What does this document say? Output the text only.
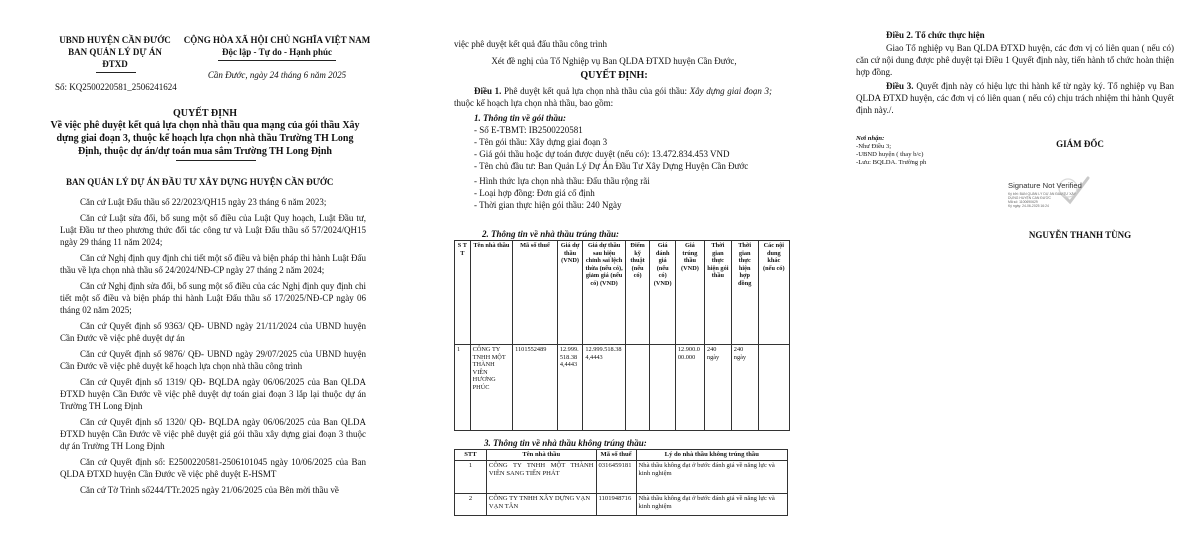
UBND HUYỆN CẦN ĐƯỚC
BAN QUẢN LÝ DỰ ÁN
ĐTXD
CỘNG HÒA XÃ HỘI CHỦ NGHĨA VIỆT NAM
Độc lập - Tự do - Hạnh phúc
Cần Đước, ngày 24 tháng 6 năm 2025
Số: KQ2500220581_2506241624
QUYẾT ĐỊNH
Về việc phê duyệt kết quả lựa chọn nhà thầu qua mạng của gói thầu Xây
dựng giai đoạn 3, thuộc kế hoạch lựa chọn nhà thầu Trường TH Long
Định, thuộc dự án/dự toán mua sắm Trường TH Long Định
BAN QUẢN LÝ DỰ ÁN ĐẦU TƯ XÂY DỰNG HUYỆN CẦN ĐƯỚC

Căn cứ Luật Đấu thầu số 22/2023/QH15 ngày 23 tháng 6 năm 2023;

Căn cứ Luật sửa đổi, bổ sung một số điều của Luật Quy hoạch, Luật Đầu tư, Luật Đầu tư theo phương thức đối tác công tư và Luật Đấu thầu số 57/2024/QH15 ngày 29 tháng 11 năm 2024;

Căn cứ Nghị định quy định chi tiết một số điều và biện pháp thi hành Luật Đấu thầu về lựa chọn nhà thầu số 24/2024/NĐ-CP ngày 27 tháng 2 năm 2024;

Căn cứ Nghị định sửa đổi, bổ sung một số điều của các Nghị định quy định chi tiết một số điều và biện pháp thi hành Luật Đấu thầu số 17/2025/NĐ-CP ngày 06 tháng 02 năm 2025;

Căn cứ Quyết định số 9363/ QĐ- UBND ngày 21/11/2024 của UBND huyện Cần Đước về việc phê duyệt dự án

Căn cứ Quyết định số 9876/ QĐ- UBND ngày 29/07/2025 của UBND huyện Cần Đước về việc phê duyệt kế hoạch lựa chọn nhà thầu công trình

Căn cứ Quyết định số 1319/ QĐ- BQLDA ngày 06/06/2025 của Ban QLDA ĐTXD huyện Cần Đước về việc phê duyệt dự toán giai đoạn 3 lắp lại thuộc dự án Trường TH Long Định

Căn cứ Quyết định số 1320/ QĐ- BQLDA ngày 06/06/2025 của Ban QLDA ĐTXD huyện Cần Đước về việc phê duyệt giá gói thầu xây dựng giai đoạn 3 thuộc dự án Trường TH Long Định

Căn cứ Quyết định số: E2500220581-2506101045 ngày 10/06/2025 của Ban QLDA ĐTXD huyện Cần Đước về việc phê duyệt E-HSMT

Căn cứ Tờ Trình số244/TTr.2025 ngày 21/06/2025 của Bên mời thầu về

việc phê duyệt kết quả đấu thầu công trình
Xét đề nghị của Tổ Nghiệp vụ Ban QLDA ĐTXD huyện Cần Đước,
QUYẾT ĐỊNH:
Điều 1. Phê duyệt kết quả lựa chọn nhà thầu của gói thầu: Xây dựng giai đoạn 3; thuộc kế hoạch lựa chọn nhà thầu, bao gồm:
1. Thông tin về gói thầu:
- Số E-TBMT: IB2500220581
- Tên gói thầu: Xây dựng giai đoạn 3
- Giá gói thầu hoặc dự toán được duyệt (nếu có): 13.472.834.453 VND
- Tên chủ đầu tư: Ban Quản Lý Dự Án Đầu Tư Xây Dựng Huyện Cần Đước
- Hình thức lựa chọn nhà thầu: Đấu thầu rộng rãi
- Loại hợp đồng: Đơn giá cố định
- Thời gian thực hiện gói thầu: 240 Ngày
2. Thông tin về nhà thầu trúng thầu:
S T T	Tên nhà thầu	Mã số thuế	Giá dự thầu (VND)	Giá dự thầu sau hiệu chỉnh sai lệch thừa (nếu có), giảm giá (nếu có) (VND)	Điểm kỹ thuật (nếu có)	Giá đánh giá (nếu có) (VND)	Giá trúng thầu (VND)	Thời gian thực hiện gói thầu	Thời gian thực hiện hợp đồng	Các nội dung khác (nếu có)
1	CÔNG TY TNHH MỘT THÀNH VIÊN HƯƠNG PHÚC	1101552489	12.999.518.384,4443	12.999.518.384,4443			12.900.000.000	240 ngày	240 ngày	
3. Thông tin về nhà thầu không trúng thầu:
STT	Tên nhà thầu	Mã số thuế	Lý do nhà thầu không trúng thầu
1	CÔNG TY TNHH MỘT THÀNH VIÊN SANG TIẾN PHÁT	0316459181	Nhà thầu không đạt ở bước đánh giá về năng lực và kinh nghiệm
2	CÔNG TY TNHH XÂY DỰNG VẠN VẠN TÂN	1101948716	Nhà thầu không đạt ở bước đánh giá về năng lực và kinh nghiệm
Điều 2. Tổ chức thực hiện
Giao Tổ nghiệp vụ Ban QLDA ĐTXD huyện, các đơn vị có liên quan ( nếu có) căn cứ nội dung được phê duyệt tại Điều 1 Quyết định này, tiến hành tổ chức hoàn thiện hợp đồng.
Điều 3. Quyết định này có hiệu lực thi hành kể từ ngày ký. Tổ nghiệp vụ Ban QLDA ĐTXD huyện, các đơn vị có liên quan ( nếu có) chịu trách nhiệm thi hành Quyết định này./.
Nơi nhận:
-Như Điều 3;
-UBND huyện ( thay b/c)
-Lưu: BQLDA. Trường ph
GIÁM ĐỐC
Signature Not Verified
Ký bởi: BAN QUẢN LÝ DỰ ÁN ĐẦU TƯ XÂY
DỰNG HUYỆN CẦN ĐƯỚC
Mã số: 1100690629
Ký ngày: 24-06-2025 16:24
NGUYỄN THANH TÙNG
